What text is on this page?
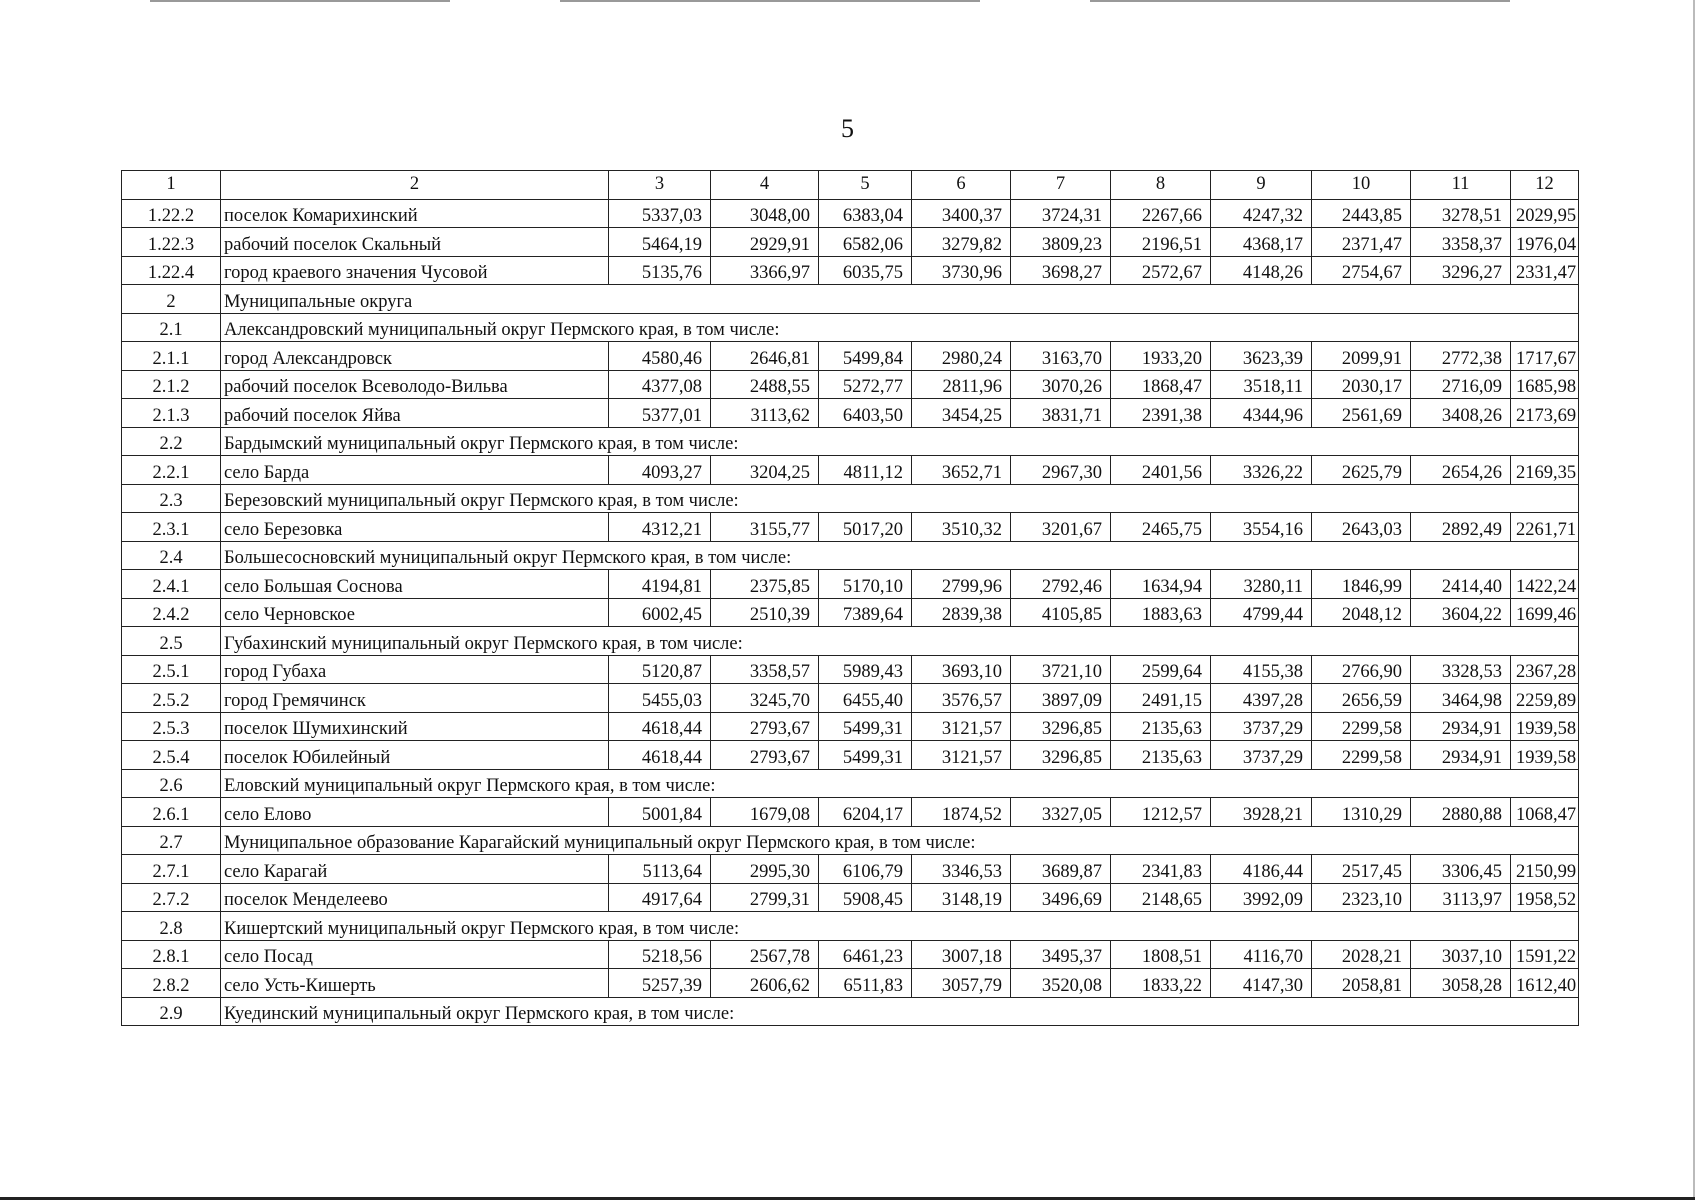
5
1	2	3	4	5	6	7	8	9	10	11	12
1.22.2	поселок Комарихинский	5337,03	3048,00	6383,04	3400,37	3724,31	2267,66	4247,32	2443,85	3278,51	2029,95
1.22.3	рабочий поселок Скальный	5464,19	2929,91	6582,06	3279,82	3809,23	2196,51	4368,17	2371,47	3358,37	1976,04
1.22.4	город краевого значения Чусовой	5135,76	3366,97	6035,75	3730,96	3698,27	2572,67	4148,26	2754,67	3296,27	2331,47
2	Муниципальные округа										
2.1	Александровский муниципальный округ Пермского края, в том числе:										
2.1.1	город Александровск	4580,46	2646,81	5499,84	2980,24	3163,70	1933,20	3623,39	2099,91	2772,38	1717,67
2.1.2	рабочий поселок Всеволодо-Вильва	4377,08	2488,55	5272,77	2811,96	3070,26	1868,47	3518,11	2030,17	2716,09	1685,98
2.1.3	рабочий поселок Яйва	5377,01	3113,62	6403,50	3454,25	3831,71	2391,38	4344,96	2561,69	3408,26	2173,69
2.2	Бардымский муниципальный округ Пермского края, в том числе:										
2.2.1	село Барда	4093,27	3204,25	4811,12	3652,71	2967,30	2401,56	3326,22	2625,79	2654,26	2169,35
2.3	Березовский муниципальный округ Пермского края, в том числе:										
2.3.1	село Березовка	4312,21	3155,77	5017,20	3510,32	3201,67	2465,75	3554,16	2643,03	2892,49	2261,71
2.4	Большесосновский муниципальный округ Пермского края, в том числе:										
2.4.1	село Большая Соснова	4194,81	2375,85	5170,10	2799,96	2792,46	1634,94	3280,11	1846,99	2414,40	1422,24
2.4.2	село Черновское	6002,45	2510,39	7389,64	2839,38	4105,85	1883,63	4799,44	2048,12	3604,22	1699,46
2.5	Губахинский муниципальный округ Пермского края, в том числе:										
2.5.1	город Губаха	5120,87	3358,57	5989,43	3693,10	3721,10	2599,64	4155,38	2766,90	3328,53	2367,28
2.5.2	город Гремячинск	5455,03	3245,70	6455,40	3576,57	3897,09	2491,15	4397,28	2656,59	3464,98	2259,89
2.5.3	поселок Шумихинский	4618,44	2793,67	5499,31	3121,57	3296,85	2135,63	3737,29	2299,58	2934,91	1939,58
2.5.4	поселок Юбилейный	4618,44	2793,67	5499,31	3121,57	3296,85	2135,63	3737,29	2299,58	2934,91	1939,58
2.6	Еловский муниципальный округ Пермского края, в том числе:										
2.6.1	село Елово	5001,84	1679,08	6204,17	1874,52	3327,05	1212,57	3928,21	1310,29	2880,88	1068,47
2.7	Муниципальное образование Карагайский муниципальный округ Пермского края, в том числе:										
2.7.1	село Карагай	5113,64	2995,30	6106,79	3346,53	3689,87	2341,83	4186,44	2517,45	3306,45	2150,99
2.7.2	поселок Менделеево	4917,64	2799,31	5908,45	3148,19	3496,69	2148,65	3992,09	2323,10	3113,97	1958,52
2.8	Кишертский муниципальный округ Пермского края, в том числе:										
2.8.1	село Посад	5218,56	2567,78	6461,23	3007,18	3495,37	1808,51	4116,70	2028,21	3037,10	1591,22
2.8.2	село Усть-Кишерть	5257,39	2606,62	6511,83	3057,79	3520,08	1833,22	4147,30	2058,81	3058,28	1612,40
2.9	Куединский муниципальный округ Пермского края, в том числе:										
